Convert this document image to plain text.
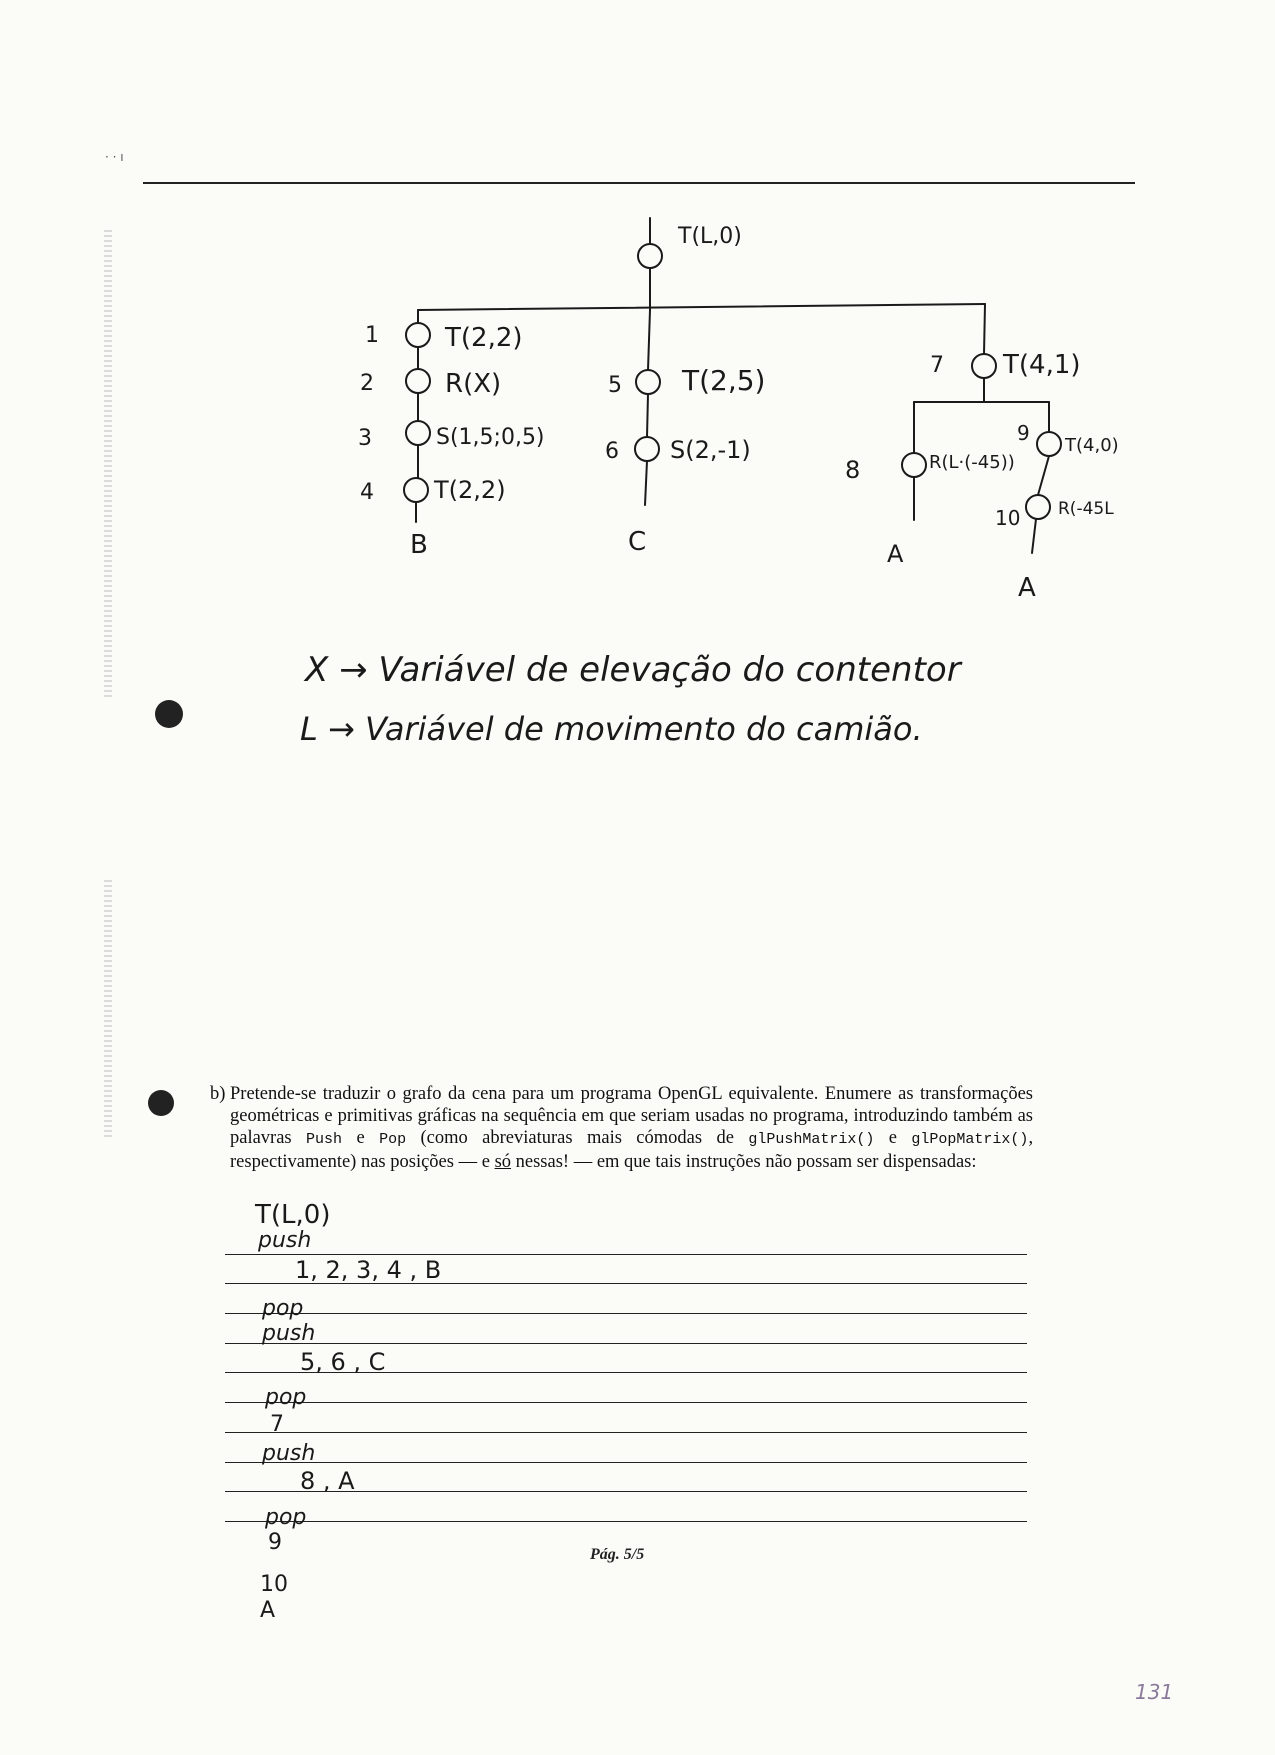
· · ı
T(L,0)
1	T(2,2)
2	R(X)
3	S(1,5;0,5)
4	T(2,2)
B
5 T(2,5)
6 S(2,-1)
C
7 T(4,1)
8	R(L·(-45))
A
9
T(4,0)
10 R(-45L
A
X → Variável de elevação do contentor
L → Variável de movimento do camião.
b) Pretende-se traduzir o grafo da cena para um programa OpenGL equivalente. Enumere as transformações geométricas e primitivas gráficas na sequência em que seriam usadas no programa, introduzindo também as palavras Push e Pop (como abreviaturas mais cómodas de glPushMatrix() e glPopMatrix(), respectivamente) nas posições — e só nessas! — em que tais instruções não possam ser dispensadas:
T(L,0)
push
1, 2, 3, 4 , B
pop
push
5, 6 , C
pop
7
push
8 , A
pop
9
10
A
Pág. 5/5
131
